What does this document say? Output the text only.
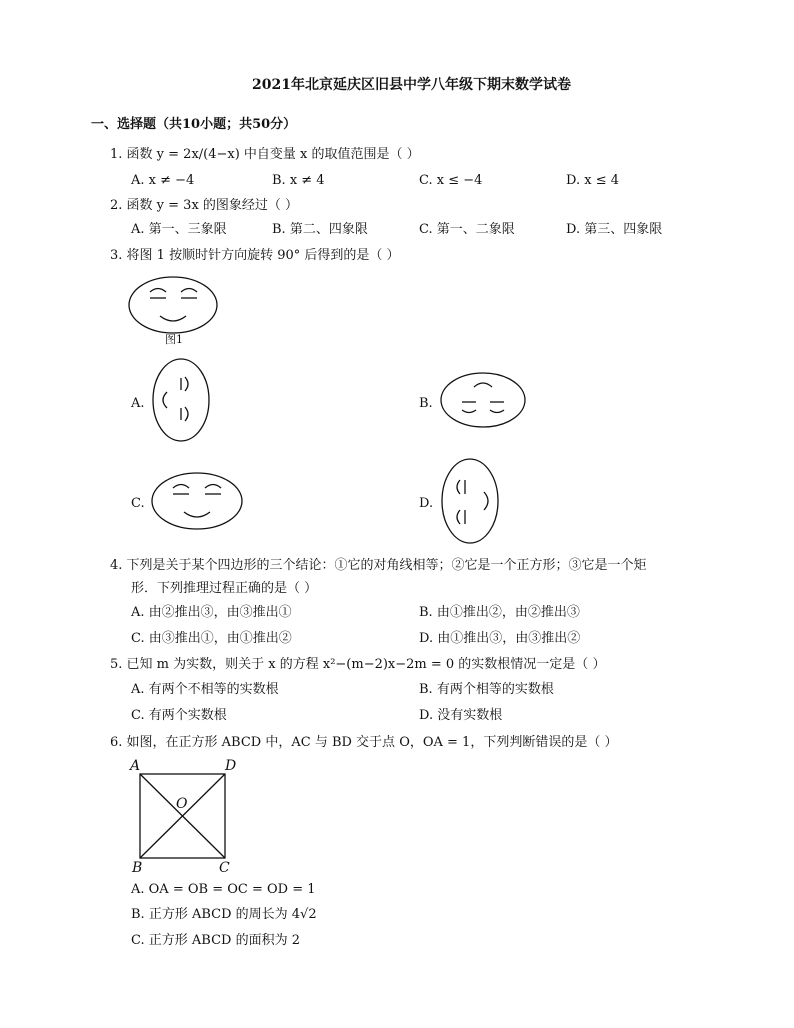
2021年北京延庆区旧县中学八年级下期末数学试卷
一、选择题（共10小题；共50分）
1. 函数 y = 2x/(4−x) 中自变量 x 的取值范围是（ ）
A. x ≠ −4	B. x ≠ 4	C. x ≤ −4	D. x ≤ 4
2. 函数 y = 3x 的图象经过（ ）
A. 第一、三象限	B. 第二、四象限	C. 第一、二象限	D. 第三、四象限
3. 将图 1 按顺时针方向旋转 90° 后得到的是（ ）
图1
A.	B.
C.	D.
4. 下列是关于某个四边形的三个结论：①它的对角线相等；②它是一个正方形；③它是一个矩
形．下列推理过程正确的是（ ）
A. 由②推出③，由③推出①	B. 由①推出②，由②推出③
C. 由③推出①，由①推出②	D. 由①推出③，由③推出②
5. 已知 m 为实数，则关于 x 的方程 x²−(m−2)x−2m = 0 的实数根情况一定是（ ）
A. 有两个不相等的实数根	B. 有两个相等的实数根
C. 有两个实数根	D. 没有实数根
6. 如图，在正方形 ABCD 中，AC 与 BD 交于点 O，OA = 1，下列判断错误的是（ ）
A	D
O
B	C
A. OA = OB = OC = OD = 1
B. 正方形 ABCD 的周长为 4√2
C. 正方形 ABCD 的面积为 2
